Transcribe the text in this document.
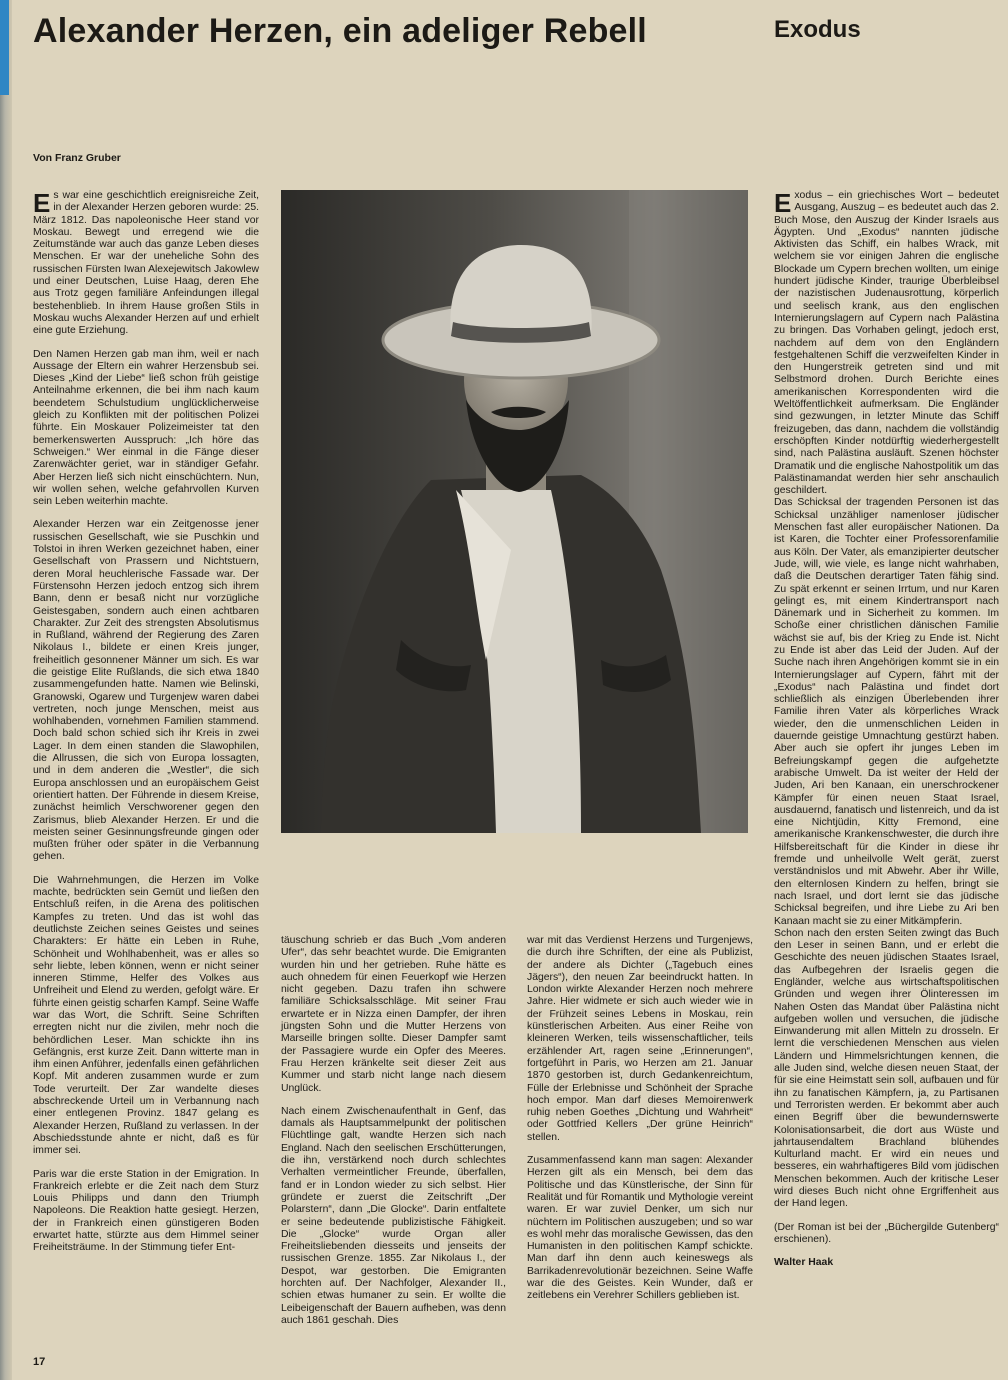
Alexander Herzen, ein adeliger Rebell	Exodus
Von Franz Gruber

Es war eine geschichtlich ereignisreiche Zeit, in der Alexander Herzen geboren wurde: 25. März 1812. Das napoleonische Heer stand vor Moskau. Bewegt und erregend wie die Zeitumstände war auch das ganze Leben dieses Menschen. Er war der uneheliche Sohn des russischen Fürsten Iwan Alexejewitsch Jakowlew und einer Deutschen, Luise Haag, deren Ehe aus Trotz gegen familiäre Anfeindungen illegal bestehenblieb. In ihrem Hause großen Stils in Moskau wuchs Alexander Herzen auf und erhielt eine gute Erziehung.

Den Namen Herzen gab man ihm, weil er nach Aussage der Eltern ein wahrer Herzensbub sei. Dieses „Kind der Liebe“ ließ schon früh geistige Anteilnahme erkennen, die bei ihm nach kaum beendetem Schulstudium unglücklicherweise gleich zu Konflikten mit der politischen Polizei führte. Ein Moskauer Polizeimeister tat den bemerkenswerten Ausspruch: „Ich höre das Schweigen.“ Wer einmal in die Fänge dieser Zarenwächter geriet, war in ständiger Gefahr. Aber Herzen ließ sich nicht einschüchtern. Nun, wir wollen sehen, welche gefahrvollen Kurven sein Leben weiterhin machte.

Alexander Herzen war ein Zeitgenosse jener russischen Gesellschaft, wie sie Puschkin und Tolstoi in ihren Werken gezeichnet haben, einer Gesellschaft von Prassern und Nichtstuern, deren Moral heuchlerische Fassade war. Der Fürstensohn Herzen jedoch entzog sich ihrem Bann, denn er besaß nicht nur vorzügliche Geistesgaben, sondern auch einen achtbaren Charakter. Zur Zeit des strengsten Absolutismus in Rußland, während der Regierung des Zaren Nikolaus I., bildete er einen Kreis junger, freiheitlich gesonnener Männer um sich. Es war die geistige Elite Rußlands, die sich etwa 1840 zusammengefunden hatte. Namen wie Belinski, Granowski, Ogarew und Turgenjew waren dabei vertreten, noch junge Menschen, meist aus wohlhabenden, vornehmen Familien stammend. Doch bald schon schied sich ihr Kreis in zwei Lager. In dem einen standen die Slawophilen, die Allrussen, die sich von Europa lossagten, und in dem anderen die „Westler“, die sich Europa anschlossen und an europäischem Geist orientiert hatten. Der Führende in diesem Kreise, zunächst heimlich Verschworener gegen den Zarismus, blieb Alexander Herzen. Er und die meisten seiner Gesinnungsfreunde gingen oder mußten früher oder später in die Verbannung gehen.

Die Wahrnehmungen, die Herzen im Volke machte, bedrückten sein Gemüt und ließen den Entschluß reifen, in die Arena des politischen Kampfes zu treten. Und das ist wohl das deutlichste Zeichen seines Geistes und seines Charakters: Er hätte ein Leben in Ruhe, Schönheit und Wohlhabenheit, was er alles so sehr liebte, leben können, wenn er nicht seiner inneren Stimme, Helfer des Volkes aus Unfreiheit und Elend zu werden, gefolgt wäre. Er führte einen geistig scharfen Kampf. Seine Waffe war das Wort, die Schrift. Seine Schriften erregten nicht nur die zivilen, mehr noch die behördlichen Leser. Man schickte ihn ins Gefängnis, erst kurze Zeit. Dann witterte man in ihm einen Anführer, jedenfalls einen gefährlichen Kopf. Mit anderen zusammen wurde er zum Tode verurteilt. Der Zar wandelte dieses abschreckende Urteil um in Verbannung nach einer entlegenen Provinz. 1847 gelang es Alexander Herzen, Rußland zu verlassen. In der Abschiedsstunde ahnte er nicht, daß es für immer sei.

Paris war die erste Station in der Emigration. In Frankreich erlebte er die Zeit nach dem Sturz Louis Philipps und dann den Triumph Napoleons. Die Reaktion hatte gesiegt. Herzen, der in Frankreich einen günstigeren Boden erwartet hatte, stürzte aus dem Himmel seiner Freiheitsträume. In der Stimmung tiefer Ent-

täuschung schrieb er das Buch „Vom anderen Ufer“, das sehr beachtet wurde. Die Emigranten wurden hin und her getrieben. Ruhe hätte es auch ohnedem für einen Feuerkopf wie Herzen nicht gegeben. Dazu trafen ihn schwere familiäre Schicksalsschläge. Mit seiner Frau erwartete er in Nizza einen Dampfer, der ihren jüngsten Sohn und die Mutter Herzens von Marseille bringen sollte. Dieser Dampfer samt der Passagiere wurde ein Opfer des Meeres. Frau Herzen kränkelte seit dieser Zeit aus Kummer und starb nicht lange nach diesem Unglück.

Nach einem Zwischenaufenthalt in Genf, das damals als Hauptsammelpunkt der politischen Flüchtlinge galt, wandte Herzen sich nach England. Nach den seelischen Erschütterungen, die ihn, verstärkend noch durch schlechtes Verhalten vermeintlicher Freunde, überfallen, fand er in London wieder zu sich selbst. Hier gründete er zuerst die Zeitschrift „Der Polarstern“, dann „Die Glocke“. Darin entfaltete er seine bedeutende publizistische Fähigkeit. Die „Glocke“ wurde Organ aller Freiheitsliebenden diesseits und jenseits der russischen Grenze. 1855. Zar Nikolaus I., der Despot, war gestorben. Die Emigranten horchten auf. Der Nachfolger, Alexander II., schien etwas humaner zu sein. Er wollte die Leibeigenschaft der Bauern aufheben, was denn auch 1861 geschah. Dies

war mit das Verdienst Herzens und Turgenjews, die durch ihre Schriften, der eine als Publizist, der andere als Dichter („Tagebuch eines Jägers“), den neuen Zar beeindruckt hatten. In London wirkte Alexander Herzen noch mehrere Jahre. Hier widmete er sich auch wieder wie in der Frühzeit seines Lebens in Moskau, rein künstlerischen Arbeiten. Aus einer Reihe von kleineren Werken, teils wissenschaftlicher, teils erzählender Art, ragen seine „Erinnerungen“, fortgeführt in Paris, wo Herzen am 21. Januar 1870 gestorben ist, durch Gedankenreichtum, Fülle der Erlebnisse und Schönheit der Sprache hoch empor. Man darf dieses Memoirenwerk ruhig neben Goethes „Dichtung und Wahrheit“ oder Gottfried Kellers „Der grüne Heinrich“ stellen.

Zusammenfassend kann man sagen: Alexander Herzen gilt als ein Mensch, bei dem das Politische und das Künstlerische, der Sinn für Realität und für Romantik und Mythologie vereint waren. Er war zuviel Denker, um sich nur nüchtern im Politischen auszugeben; und so war es wohl mehr das moralische Gewissen, das den Humanisten in den politischen Kampf schickte. Man darf ihn denn auch keineswegs als Barrikadenrevolutionär bezeichnen. Seine Waffe war die des Geistes. Kein Wunder, daß er zeitlebens ein Verehrer Schillers geblieben ist.

Exodus – ein griechisches Wort – bedeutet Ausgang, Auszug – es bedeutet auch das 2. Buch Mose, den Auszug der Kinder Israels aus Ägypten. Und „Exodus“ nannten jüdische Aktivisten das Schiff, ein halbes Wrack, mit welchem sie vor einigen Jahren die englische Blockade um Cypern brechen wollten, um einige hundert jüdische Kinder, traurige Überbleibsel der nazistischen Judenausrottung, körperlich und seelisch krank, aus den englischen Internierungslagern auf Cypern nach Palästina zu bringen. Das Vorhaben gelingt, jedoch erst, nachdem auf dem von den Engländern festgehaltenen Schiff die verzweifelten Kinder in den Hungerstreik getreten sind und mit Selbstmord drohen. Durch Berichte eines amerikanischen Korrespondenten wird die Weltöffentlichkeit aufmerksam. Die Engländer sind gezwungen, in letzter Minute das Schiff freizugeben, das dann, nachdem die vollständig erschöpften Kinder notdürftig wiederhergestellt sind, nach Palästina ausläuft. Szenen höchster Dramatik und die englische Nahostpolitik um das Palästinamandat werden hier sehr anschaulich geschildert.

Das Schicksal der tragenden Personen ist das Schicksal unzähliger namenloser jüdischer Menschen fast aller europäischer Nationen. Da ist Karen, die Tochter einer Professorenfamilie aus Köln. Der Vater, als emanzipierter deutscher Jude, will, wie viele, es lange nicht wahrhaben, daß die Deutschen derartiger Taten fähig sind. Zu spät erkennt er seinen Irrtum, und nur Karen gelingt es, mit einem Kindertransport nach Dänemark und in Sicherheit zu kommen. Im Schoße einer christlichen dänischen Familie wächst sie auf, bis der Krieg zu Ende ist. Nicht zu Ende ist aber das Leid der Juden. Auf der Suche nach ihren Angehörigen kommt sie in ein Internierungslager auf Cypern, fährt mit der „Exodus“ nach Palästina und findet dort schließlich als einzigen Überlebenden ihrer Familie ihren Vater als körperliches Wrack wieder, den die unmenschlichen Leiden in dauernde geistige Umnachtung gestürzt haben. Aber auch sie opfert ihr junges Leben im Befreiungskampf gegen die aufgehetzte arabische Umwelt. Da ist weiter der Held der Juden, Ari ben Kanaan, ein unerschrockener Kämpfer für einen neuen Staat Israel, ausdauernd, fanatisch und listenreich, und da ist eine Nichtjüdin, Kitty Fremond, eine amerikanische Krankenschwester, die durch ihre Hilfsbereitschaft für die Kinder in diese ihr fremde und unheilvolle Welt gerät, zuerst verständnislos und mit Abwehr. Aber ihr Wille, den elternlosen Kindern zu helfen, bringt sie nach Israel, und dort lernt sie das jüdische Schicksal begreifen, und ihre Liebe zu Ari ben Kanaan macht sie zu einer Mitkämpferin.

Schon nach den ersten Seiten zwingt das Buch den Leser in seinen Bann, und er erlebt die Geschichte des neuen jüdischen Staates Israel, das Aufbegehren der Israelis gegen die Engländer, welche aus wirtschaftspolitischen Gründen und wegen ihrer Ölinteressen im Nahen Osten das Mandat über Palästina nicht aufgeben wollen und versuchen, die jüdische Einwanderung mit allen Mitteln zu drosseln. Er lernt die verschiedenen Menschen aus vielen Ländern und Himmelsrichtungen kennen, die alle Juden sind, welche diesen neuen Staat, der für sie eine Heimstatt sein soll, aufbauen und für ihn zu fanatischen Kämpfern, ja, zu Partisanen und Terroristen werden. Er bekommt aber auch einen Begriff über die bewundernswerte Kolonisationsarbeit, die dort aus Wüste und jahrtausendaltem Brachland blühendes Kulturland macht. Er wird ein neues und besseres, ein wahrhaftigeres Bild vom jüdischen Menschen bekommen. Auch der kritische Leser wird dieses Buch nicht ohne Ergriffenheit aus der Hand legen.

(Der Roman ist bei der „Büchergilde Gutenberg“ erschienen).

Walter Haak

17
